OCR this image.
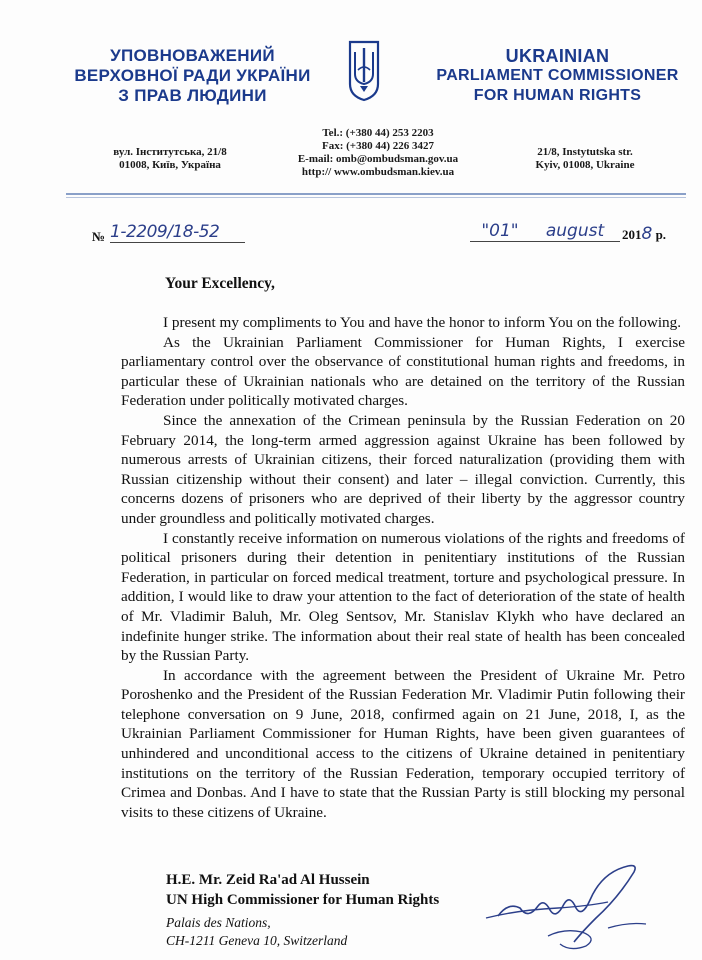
УПОВНОВАЖЕНИЙ
ВЕРХОВНОЇ РАДИ УКРАЇНИ
З ПРАВ ЛЮДИНИ
UKRAINIAN
PARLIAMENT COMMISSIONER
FOR HUMAN RIGHTS
вул. Інститутська, 21/8
01008, Київ, Україна
Tel.: (+380 44) 253 2203
Fax: (+380 44) 226 3427
E-mail: omb@ombudsman.gov.ua
http:// www.ombudsman.kiev.ua
21/8, Instytutska str.
Kyiv, 01008, Ukraine
№ 1-2209/18-52	"01"	august	2018 р.
Your Excellency,

I present my compliments to You and have the honor to inform You on the following.

As the Ukrainian Parliament Commissioner for Human Rights, I exercise parliamentary control over the observance of constitutional human rights and freedoms, in particular these of Ukrainian nationals who are detained on the territory of the Russian Federation under politically motivated charges.

Since the annexation of the Crimean peninsula by the Russian Federation on 20 February 2014, the long-term armed aggression against Ukraine has been followed by numerous arrests of Ukrainian citizens, their forced naturalization (providing them with Russian citizenship without their consent) and later – illegal conviction. Currently, this concerns dozens of prisoners who are deprived of their liberty by the aggressor country under groundless and politically motivated charges.

I constantly receive information on numerous violations of the rights and freedoms of political prisoners during their detention in penitentiary institutions of the Russian Federation, in particular on forced medical treatment, torture and psychological pressure. In addition, I would like to draw your attention to the fact of deterioration of the state of health of Mr. Vladimir Baluh, Mr. Oleg Sentsov, Mr. Stanislav Klykh who have declared an indefinite hunger strike. The information about their real state of health has been concealed by the Russian Party.

In accordance with the agreement between the President of Ukraine Mr. Petro Poroshenko and the President of the Russian Federation Mr. Vladimir Putin following their telephone conversation on 9 June, 2018, confirmed again on 21 June, 2018, I, as the Ukrainian Parliament Commissioner for Human Rights, have been given guarantees of unhindered and unconditional access to the citizens of Ukraine detained in penitentiary institutions on the territory of the Russian Federation, temporary occupied territory of Crimea and Donbas. And I have to state that the Russian Party is still blocking my personal visits to these citizens of Ukraine.

H.E. Mr. Zeid Ra'ad Al Hussein
UN High Commissioner for Human Rights
Palais des Nations,
CH-1211 Geneva 10, Switzerland
